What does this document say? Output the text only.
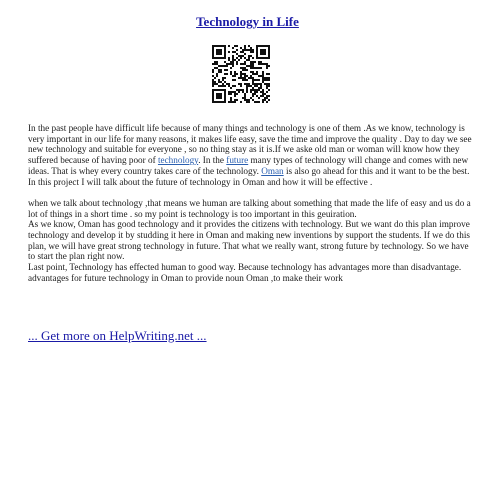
Technology in Life

In the past people have difficult life because of many things and technology is one of them .As we know, technology is very important in our life for many reasons, it makes life easy, save the time and improve the quality . Day to day we see new technology and suitable for everyone , so no thing stay as it is.If we aske old man or woman will know how they suffered because of having poor of technology. In the future many types of technology will change and comes with new ideas. That is whey every country takes care of the technology. Oman is also go ahead for this and it want to be the best. In this project I will talk about the future of technology in Oman and how it will be effective .

when we talk about technology ,that means we human are talking about something that made the life of easy and us do a lot of things in a short time . so my point is technology is too important in this geuiration.

As we know, Oman has good technology and it provides the citizens with technology. But we want do this plan improve technology and develop it by studding it here in Oman and making new inventions by support the students. If we do this plan, we will have great strong technology in future. That what we really want, strong future by technology. So we have to start the plan right now.

Last point, Technology has effected human to good way. Because technology has advantages more than disadvantage. advantages for future technology in Oman to provide noun Oman ,to make their work

... Get more on HelpWriting.net ...
